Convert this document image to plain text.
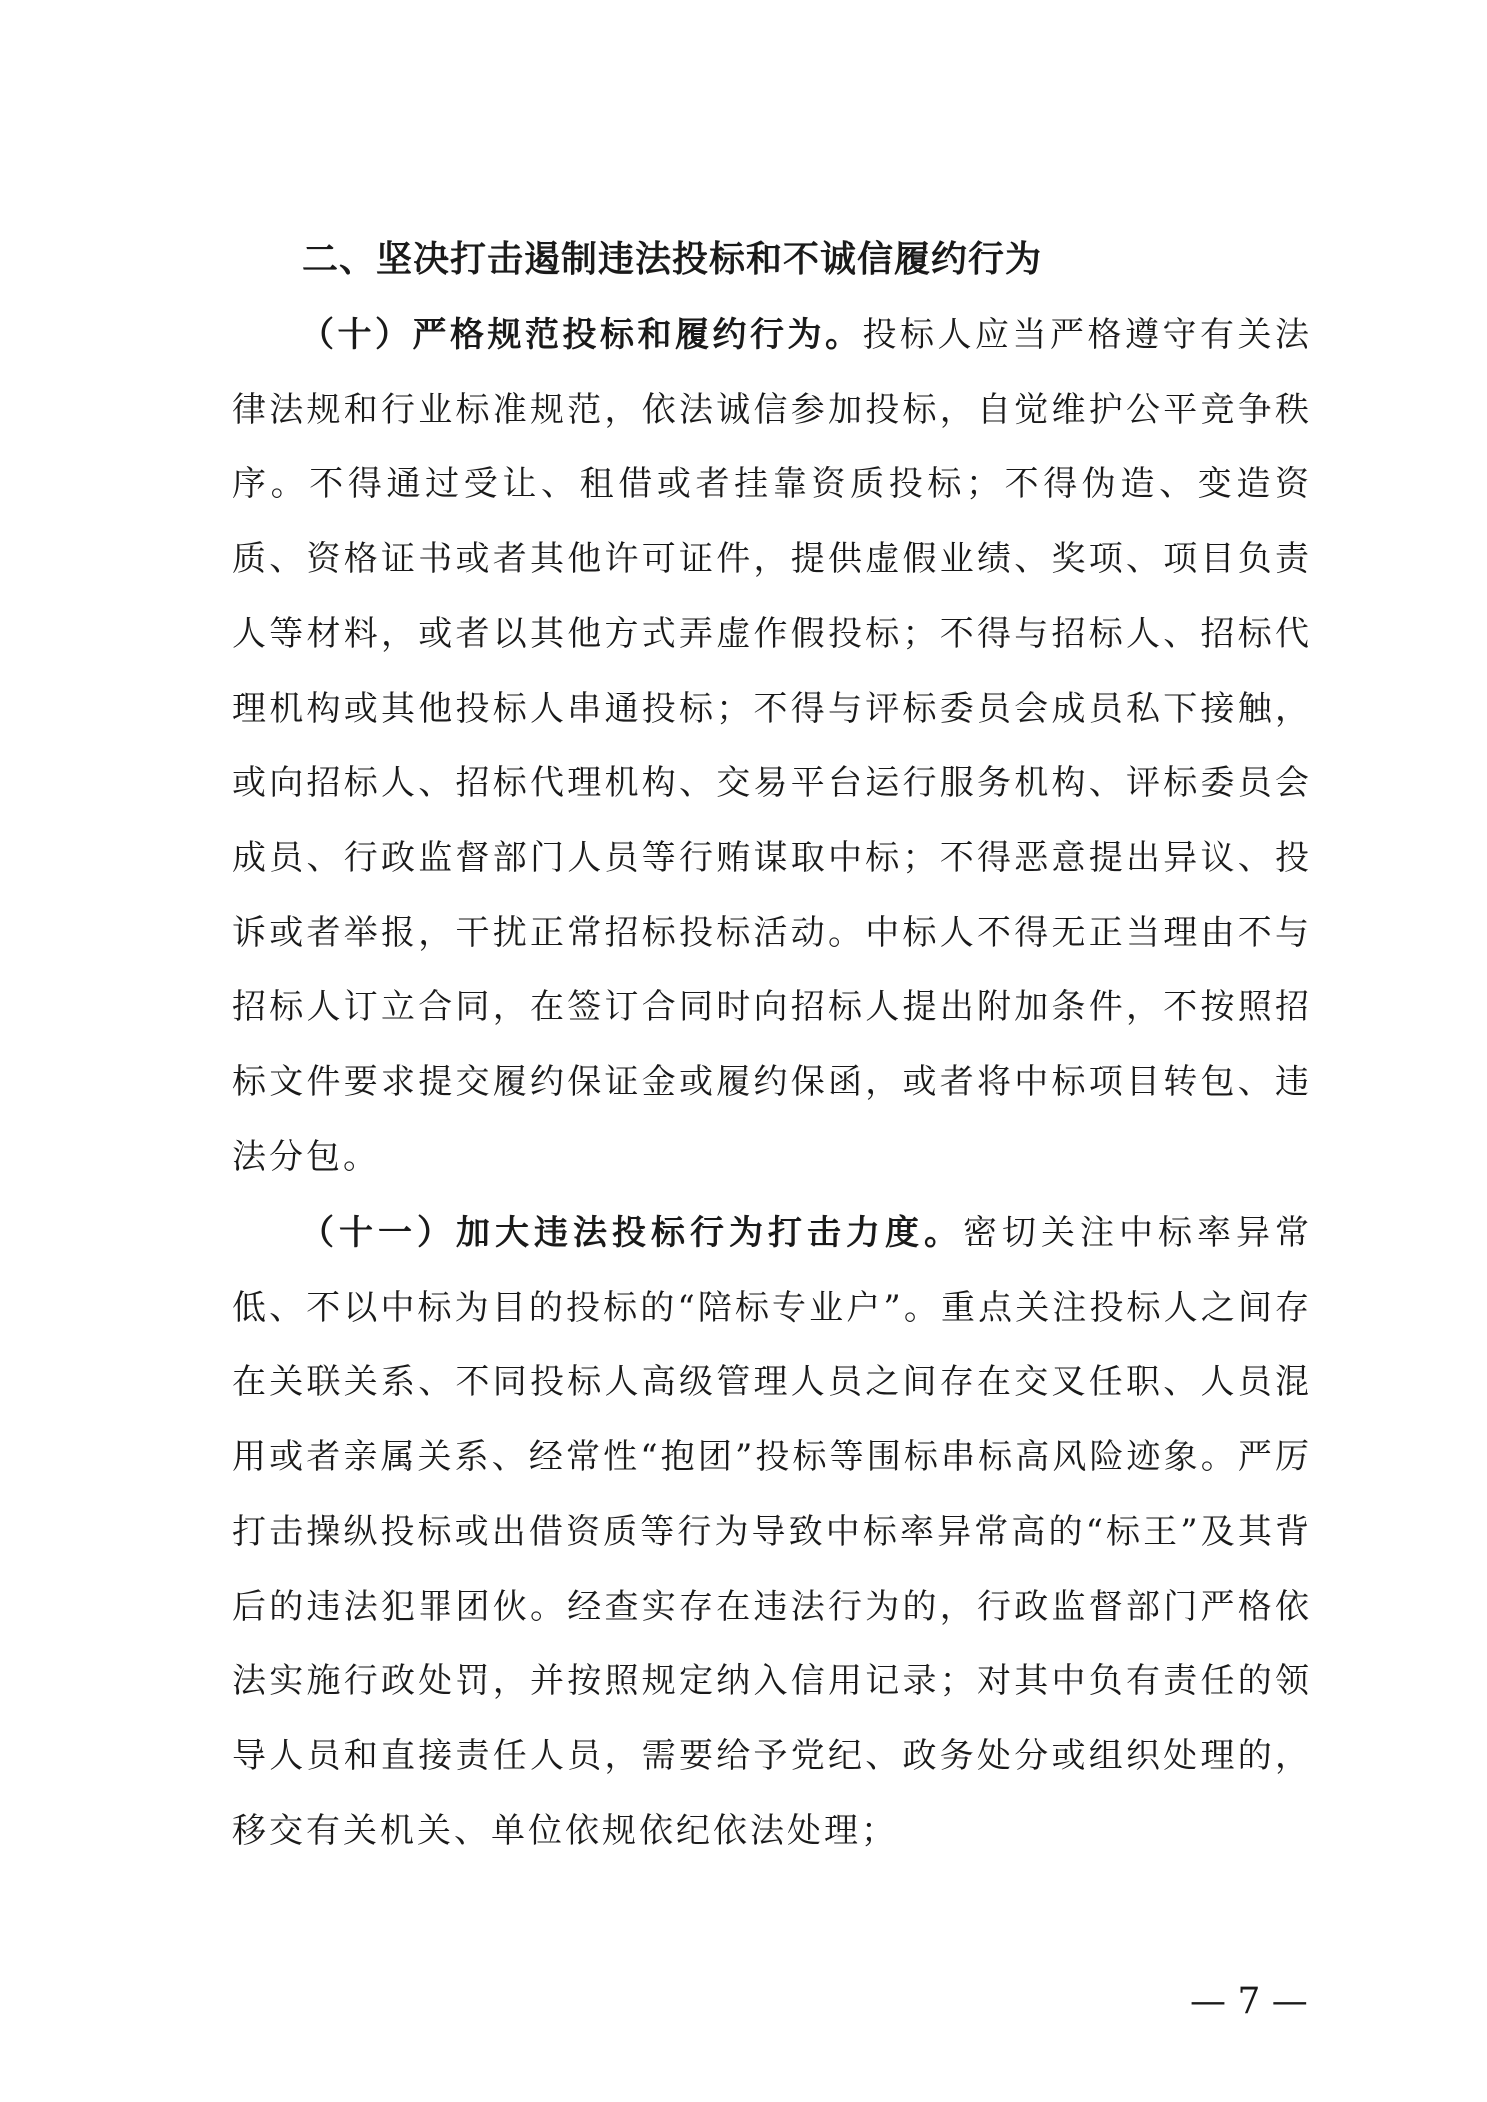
二、坚决打击遏制违法投标和不诚信履约行为

（十）严格规范投标和履约行为。投标人应当严格遵守有关法律法规和行业标准规范，依法诚信参加投标，自觉维护公平竞争秩序。不得通过受让、租借或者挂靠资质投标；不得伪造、变造资质、资格证书或者其他许可证件，提供虚假业绩、奖项、项目负责人等材料，或者以其他方式弄虚作假投标；不得与招标人、招标代理机构或其他投标人串通投标；不得与评标委员会成员私下接触，或向招标人、招标代理机构、交易平台运行服务机构、评标委员会成员、行政监督部门人员等行贿谋取中标；不得恶意提出异议、投诉或者举报，干扰正常招标投标活动。中标人不得无正当理由不与招标人订立合同，在签订合同时向招标人提出附加条件，不按照招标文件要求提交履约保证金或履约保函，或者将中标项目转包、违法分包。

（十一）加大违法投标行为打击力度。密切关注中标率异常低、不以中标为目的投标的“陪标专业户”。重点关注投标人之间存在关联关系、不同投标人高级管理人员之间存在交叉任职、人员混用或者亲属关系、经常性“抱团”投标等围标串标高风险迹象。严厉打击操纵投标或出借资质等行为导致中标率异常高的“标王”及其背后的违法犯罪团伙。经查实存在违法行为的，行政监督部门严格依法实施行政处罚，并按照规定纳入信用记录；对其中负有责任的领导人员和直接责任人员，需要给予党纪、政务处分或组织处理的，移交有关机关、单位依规依纪依法处理；

— 7 —
